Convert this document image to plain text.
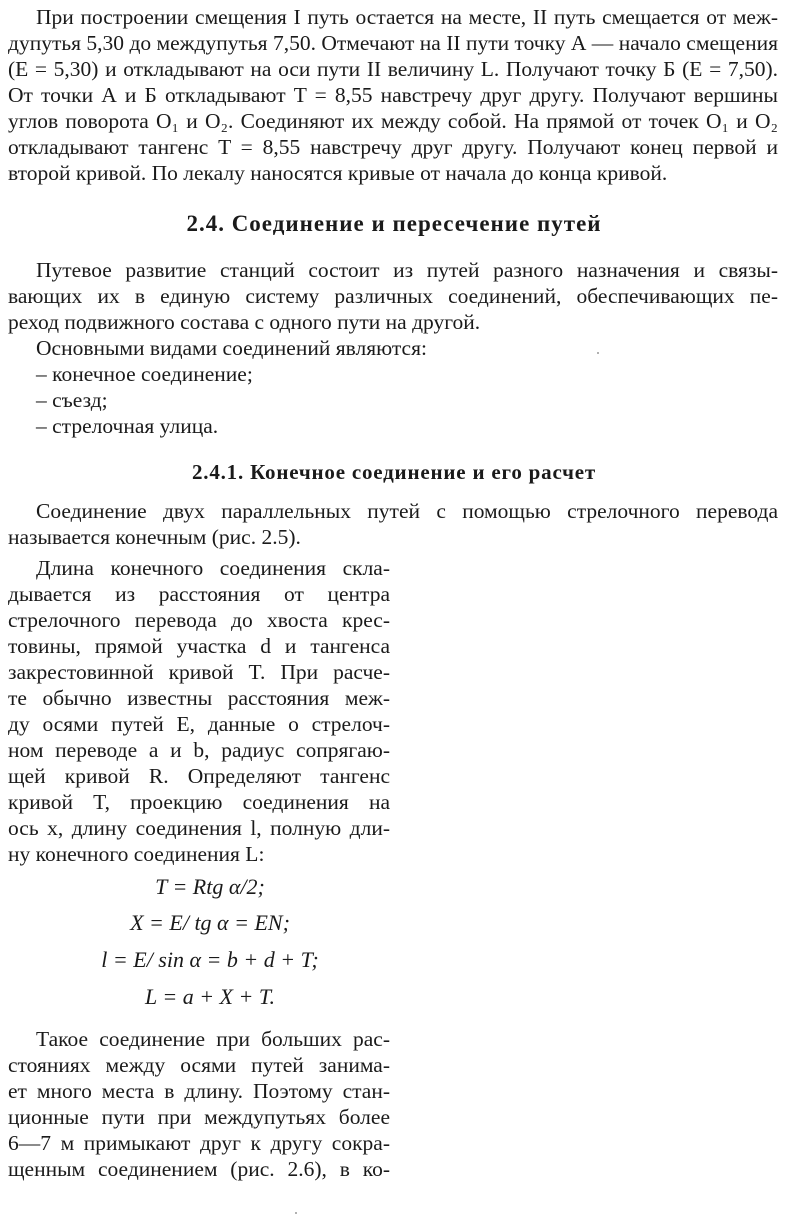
При построении смещения I путь остается на месте, II путь смещается от меж-
дупутья 5,30 до междупутья 7,50. Отмечают на II пути точку А — начало смещения
(E = 5,30) и откладывают на оси пути II величину L. Получают точку Б (E = 7,50).
От точки А и Б откладывают T = 8,55 навстречу друг другу. Получают вершины
углов поворота O₁ и O₂. Соединяют их между собой. На прямой от точек O₁ и O₂
откладывают тангенс T = 8,55 навстречу друг другу. Получают конец первой и
второй кривой. По лекалу наносятся кривые от начала до конца кривой.
2.4. Соединение и пересечение путей
Путевое развитие станций состоит из путей разного назначения и связы-
вающих их в единую систему различных соединений, обеспечивающих пе-
реход подвижного состава с одного пути на другой.
Основными видами соединений являются:
– конечное соединение;
– съезд;
– стрелочная улица.
2.4.1. Конечное соединение и его расчет
Соединение двух параллельных путей с помощью стрелочного перевода
называется конечным (рис. 2.5).
Длина конечного соединения скла-
дывается из расстояния от центра
стрелочного перевода до хвоста крес-
товины, прямой участка d и тангенса
закрестовинной кривой T. При расче-
те обычно известны расстояния меж-
ду осями путей E, данные о стрелоч-
ном переводе a и b, радиус сопрягаю-
щей кривой R. Определяют тангенс
кривой T, проекцию соединения на
ось x, длину соединения l, полную дли-
ну конечного соединения L:
T = Rtg α/2;
X = E/ tg α = EN;
l = E/ sin α = b + d + T;
L = a + X + T.
Такое соединение при больших рас-
стояниях между осями путей занима-
ет много места в длину. Поэтому стан-
ционные пути при междупутьях более
6—7 м примыкают друг к другу сокра-
щенным соединением (рис. 2.6), в ко-
